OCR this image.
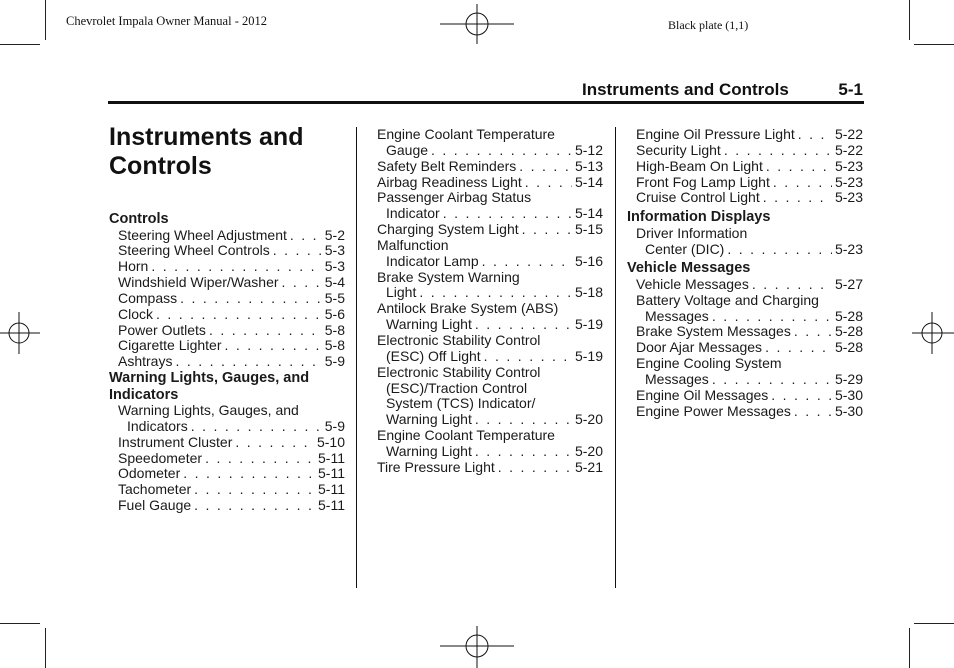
Chevrolet Impala Owner Manual - 2012	Black plate (1,1)
Instruments and Controls	5-1
Instruments and Controls
Controls
Steering Wheel Adjustment . . .	5-2
Steering Wheel Controls . . .	5-3
Horn . . .	5-3
Windshield Wiper/Washer . . .	5-4
Compass . . .	5-5
Clock . . .	5-6
Power Outlets . . .	5-8
Cigarette Lighter . . .	5-8
Ashtrays . . .	5-9
Warning Lights, Gauges, and Indicators
Warning Lights, Gauges, and
Indicators . . .	5-9
Instrument Cluster . . .	5-10
Speedometer . . .	5-11
Odometer . . .	5-11
Tachometer . . .	5-11
Fuel Gauge . . .	5-11
Engine Coolant Temperature
Gauge . . .	5-12
Safety Belt Reminders . . .	5-13
Airbag Readiness Light . . .	5-14
Passenger Airbag Status
Indicator . . .	5-14
Charging System Light . . .	5-15
Malfunction
Indicator Lamp . . .	5-16
Brake System Warning
Light . . .	5-18
Antilock Brake System (ABS)
Warning Light . . .	5-19
Electronic Stability Control
(ESC) Off Light . . .	5-19
Electronic Stability Control
(ESC)/Traction Control
System (TCS) Indicator/
Warning Light . . .	5-20
Engine Coolant Temperature
Warning Light . . .	5-20
Tire Pressure Light . . .	5-21
Engine Oil Pressure Light . . .	5-22
Security Light . . .	5-22
High-Beam On Light . . .	5-23
Front Fog Lamp Light . . .	5-23
Cruise Control Light . . .	5-23
Information Displays
Driver Information
Center (DIC) . . .	5-23
Vehicle Messages
Vehicle Messages . . .	5-27
Battery Voltage and Charging
Messages . . .	5-28
Brake System Messages . . .	5-28
Door Ajar Messages . . .	5-28
Engine Cooling System
Messages . . .	5-29
Engine Oil Messages . . .	5-30
Engine Power Messages . . .	5-30
